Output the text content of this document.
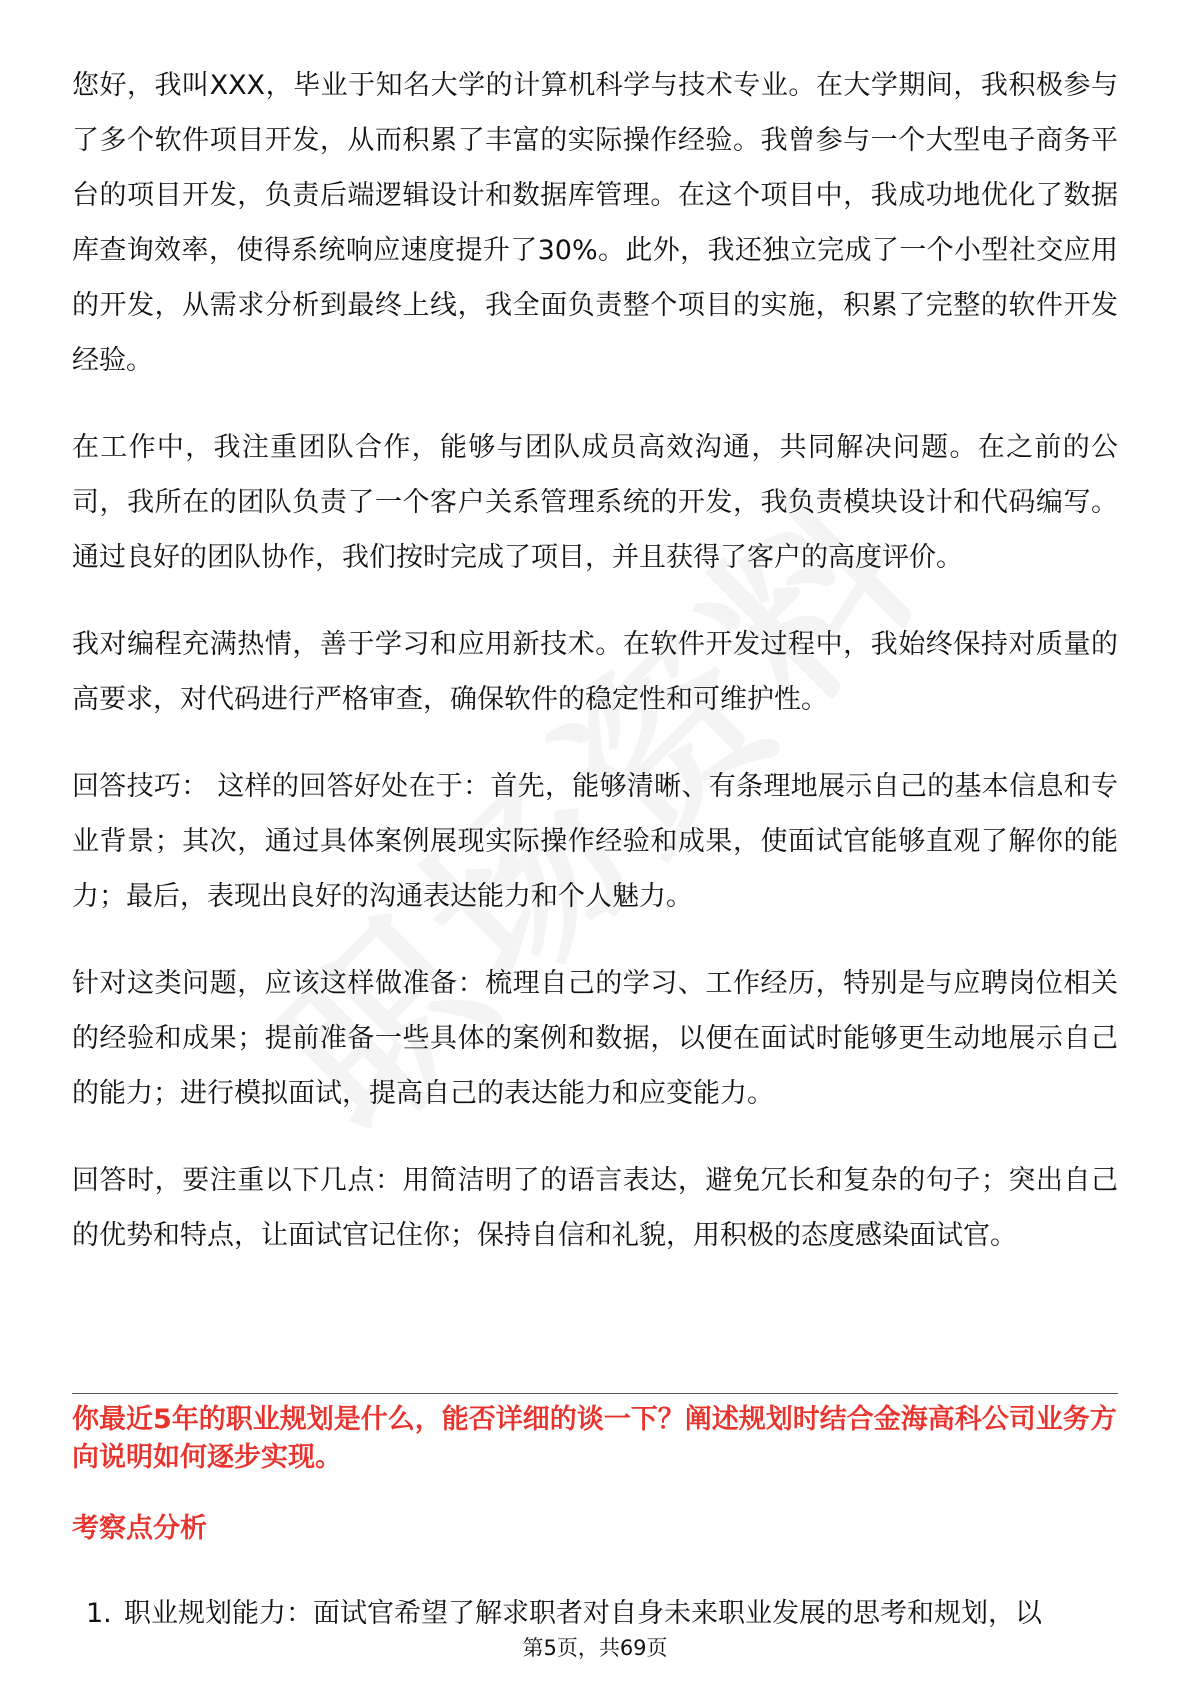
您好，我叫XXX，毕业于知名大学的计算机科学与技术专业。在大学期间，我积极参与了多个软件项目开发，从而积累了丰富的实际操作经验。我曾参与一个大型电子商务平台的项目开发，负责后端逻辑设计和数据库管理。在这个项目中，我成功地优化了数据库查询效率，使得系统响应速度提升了30%。此外，我还独立完成了一个小型社交应用的开发，从需求分析到最终上线，我全面负责整个项目的实施，积累了完整的软件开发经验。

在工作中，我注重团队合作，能够与团队成员高效沟通，共同解决问题。在之前的公司，我所在的团队负责了一个客户关系管理系统的开发，我负责模块设计和代码编写。通过良好的团队协作，我们按时完成了项目，并且获得了客户的高度评价。

我对编程充满热情，善于学习和应用新技术。在软件开发过程中，我始终保持对质量的高要求，对代码进行严格审查，确保软件的稳定性和可维护性。

回答技巧： 这样的回答好处在于：首先，能够清晰、有条理地展示自己的基本信息和专业背景；其次，通过具体案例展现实际操作经验和成果，使面试官能够直观了解你的能力；最后，表现出良好的沟通表达能力和个人魅力。

针对这类问题，应该这样做准备：梳理自己的学习、工作经历，特别是与应聘岗位相关的经验和成果；提前准备一些具体的案例和数据，以便在面试时能够更生动地展示自己的能力；进行模拟面试，提高自己的表达能力和应变能力。

回答时，要注重以下几点：用简洁明了的语言表达，避免冗长和复杂的句子；突出自己的优势和特点，让面试官记住你；保持自信和礼貌，用积极的态度感染面试官。

你最近5年的职业规划是什么，能否详细的谈一下？阐述规划时结合金海高科公司业务方向说明如何逐步实现。
考察点分析
1. 职业规划能力：面试官希望了解求职者对自身未来职业发展的思考和规划，以
第5页，共69页
